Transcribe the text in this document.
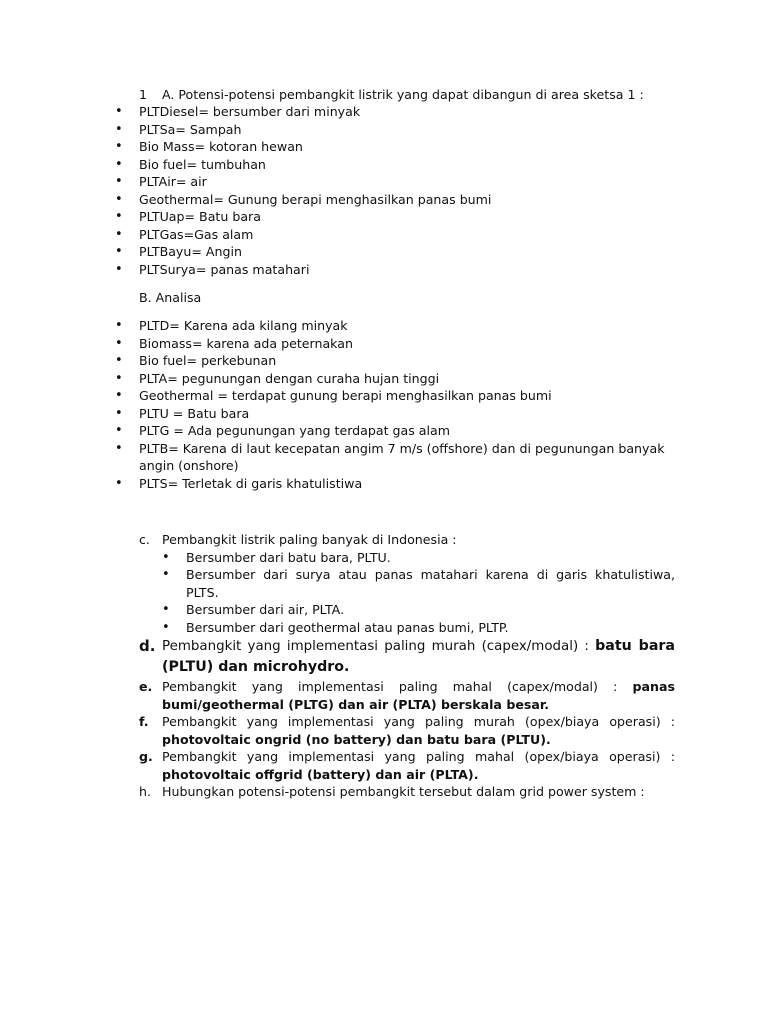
1 A. Potensi-potensi pembangkit listrik yang dapat dibangun di area sketsa 1 :
• PLTDiesel= bersumber dari minyak
• PLTSa= Sampah
• Bio Mass= kotoran hewan
• Bio fuel= tumbuhan
• PLTAir= air
• Geothermal= Gunung berapi menghasilkan panas bumi
• PLTUap= Batu bara
• PLTGas=Gas alam
• PLTBayu= Angin
• PLTSurya= panas matahari
B. Analisa
• PLTD= Karena ada kilang minyak
• Biomass= karena ada peternakan
• Bio fuel= perkebunan
• PLTA= pegunungan dengan curaha hujan tinggi
• Geothermal = terdapat gunung berapi menghasilkan panas bumi
• PLTU = Batu bara
• PLTG = Ada pegunungan yang terdapat gas alam
• PLTB= Karena di laut kecepatan angim 7 m/s (offshore) dan di pegunungan banyak angin (onshore)
• PLTS= Terletak di garis khatulistiwa
c. Pembangkit listrik paling banyak di Indonesia :
• Bersumber dari batu bara, PLTU.
• Bersumber dari surya atau panas matahari karena di garis khatulistiwa, PLTS.
• Bersumber dari air, PLTA.
• Bersumber dari geothermal atau panas bumi, PLTP.
d. Pembangkit yang implementasi paling murah (capex/modal) : batu bara (PLTU) dan microhydro.
e. Pembangkit yang implementasi paling mahal (capex/modal) : panas bumi/geothermal (PLTG) dan air (PLTA) berskala besar.
f. Pembangkit yang implementasi yang paling murah (opex/biaya operasi) : photovoltaic ongrid (no battery) dan batu bara (PLTU).
g. Pembangkit yang implementasi yang paling mahal (opex/biaya operasi) : photovoltaic offgrid (battery) dan air (PLTA).
h. Hubungkan potensi-potensi pembangkit tersebut dalam grid power system :
